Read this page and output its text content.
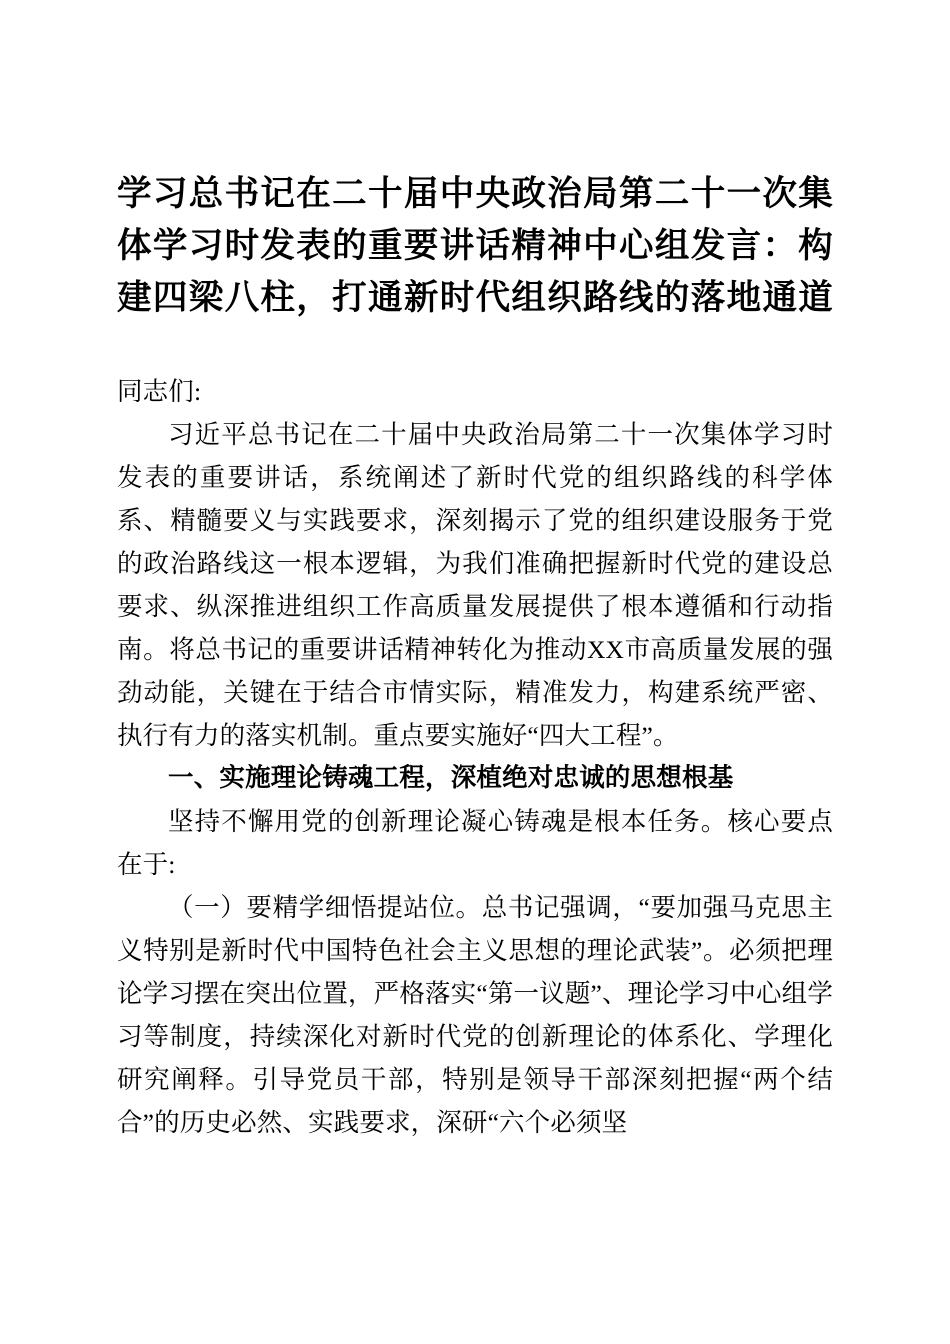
学习总书记在二十届中央政治局第二十一次集体学习时发表的重要讲话精神中心组发言：构建四梁八柱，打通新时代组织路线的落地通道

同志们:

习近平总书记在二十届中央政治局第二十一次集体学习时发表的重要讲话，系统阐述了新时代党的组织路线的科学体系、精髓要义与实践要求，深刻揭示了党的组织建设服务于党的政治路线这一根本逻辑，为我们准确把握新时代党的建设总要求、纵深推进组织工作高质量发展提供了根本遵循和行动指南。将总书记的重要讲话精神转化为推动XX市高质量发展的强劲动能，关键在于结合市情实际，精准发力，构建系统严密、执行有力的落实机制。重点要实施好“四大工程”。

一、实施理论铸魂工程，深植绝对忠诚的思想根基

坚持不懈用党的创新理论凝心铸魂是根本任务。核心要点在于:

（一）要精学细悟提站位。总书记强调，“要加强马克思主义特别是新时代中国特色社会主义思想的理论武装”。必须把理论学习摆在突出位置，严格落实“第一议题”、理论学习中心组学习等制度，持续深化对新时代党的创新理论的体系化、学理化研究阐释。引导党员干部，特别是领导干部深刻把握“两个结合”的历史必然、实践要求，深研“六个必须坚
